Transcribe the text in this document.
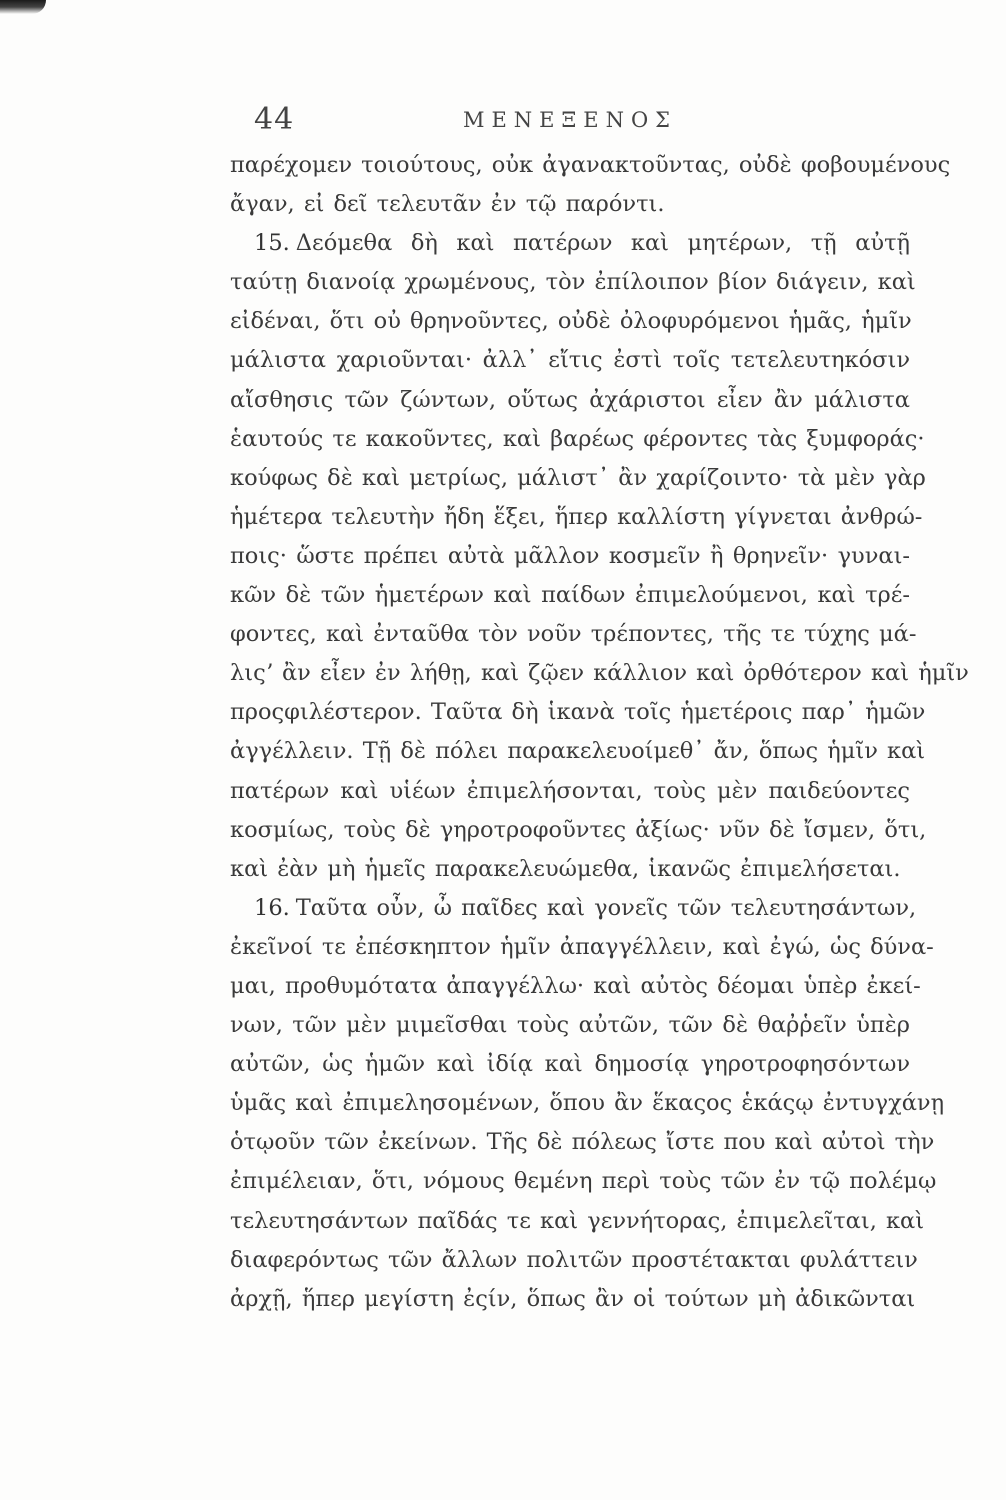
44	ΜΕΝΕΞΕΝΟΣ
παρέχομεν τοιούτους, οὐκ ἀγανακτοῦντας, οὐδὲ φοβουμένους
ἄγαν, εἰ δεῖ τελευτᾶν ἐν τῷ παρόντι.
15. Δεόμεθα δὴ καὶ πατέρων καὶ μητέρων, τῇ αὐτῇ
ταύτῃ διανοίᾳ χρωμένους, τὸν ἐπίλοιπον βίον διάγειν, καὶ
εἰδέναι, ὅτι οὐ θρηνοῦντες, οὐδὲ ὀλοφυρόμενοι ἡμᾶς, ἡμῖν
μάλιστα χαριοῦνται· ἀλλ᾽ εἴτις ἐστὶ τοῖς τετελευτηκόσιν
αἴσθησις τῶν ζώντων, οὕτως ἀχάριστοι εἶεν ἂν μάλιστα
ἑαυτούς τε κακοῦντες, καὶ βαρέως φέροντες τὰς ξυμφοράς·
κούφως δὲ καὶ μετρίως, μάλιστ᾽ ἂν χαρίζοιντο· τὰ μὲν γὰρ
ἡμέτερα τελευτὴν ἤδη ἕξει, ἥπερ καλλίστη γίγνεται ἀνθρώ-
ποις· ὥστε πρέπει αὐτὰ μᾶλλον κοσμεῖν ἢ θρηνεῖν· γυναι-
κῶν δὲ τῶν ἡμετέρων καὶ παίδων ἐπιμελούμενοι, καὶ τρέ-
φοντες, καὶ ἐνταῦθα τὸν νοῦν τρέποντες, τῆς τε τύχης μά-
λιςʼ ἂν εἶεν ἐν λήθῃ, καὶ ζῷεν κάλλιον καὶ ὀρθότερον καὶ ἡμῖν
προςφιλέστερον. Ταῦτα δὴ ἱκανὰ τοῖς ἡμετέροις παρ᾽ ἡμῶν
ἀγγέλλειν. Τῇ δὲ πόλει παρακελευοίμεθ᾽ ἄν, ὅπως ἡμῖν καὶ
πατέρων καὶ υἱέων ἐπιμελήσονται, τοὺς μὲν παιδεύοντες
κοσμίως, τοὺς δὲ γηροτροφοῦντες ἀξίως· νῦν δὲ ἴσμεν, ὅτι,
καὶ ἐὰν μὴ ἡμεῖς παρακελευώμεθα, ἱκανῶς ἐπιμελήσεται.
16. Ταῦτα οὖν, ὦ παῖδες καὶ γονεῖς τῶν τελευτησάντων,
ἐκεῖνοί τε ἐπέσκηπτον ἡμῖν ἀπαγγέλλειν, καὶ ἐγώ, ὡς δύνα-
μαι, προθυμότατα ἀπαγγέλλω· καὶ αὐτὸς δέομαι ὑπὲρ ἐκεί-
νων, τῶν μὲν μιμεῖσθαι τοὺς αὐτῶν, τῶν δὲ θαῤῥεῖν ὑπὲρ
αὐτῶν, ὡς ἡμῶν καὶ ἰδίᾳ καὶ δημοσίᾳ γηροτροφησόντων
ὑμᾶς καὶ ἐπιμελησομένων, ὅπου ἂν ἕκαςος ἑκάςῳ ἐντυγχάνῃ
ὁτῳοῦν τῶν ἐκείνων. Τῆς δὲ πόλεως ἴστε που καὶ αὐτοὶ τὴν
ἐπιμέλειαν, ὅτι, νόμους θεμένη περὶ τοὺς τῶν ἐν τῷ πολέμῳ
τελευτησάντων παῖδάς τε καὶ γεννήτορας, ἐπιμελεῖται, καὶ
διαφερόντως τῶν ἄλλων πολιτῶν προστέτακται φυλάττειν
ἀρχῇ, ἥπερ μεγίστη ἐςίν, ὅπως ἂν οἱ τούτων μὴ ἀδικῶνται
